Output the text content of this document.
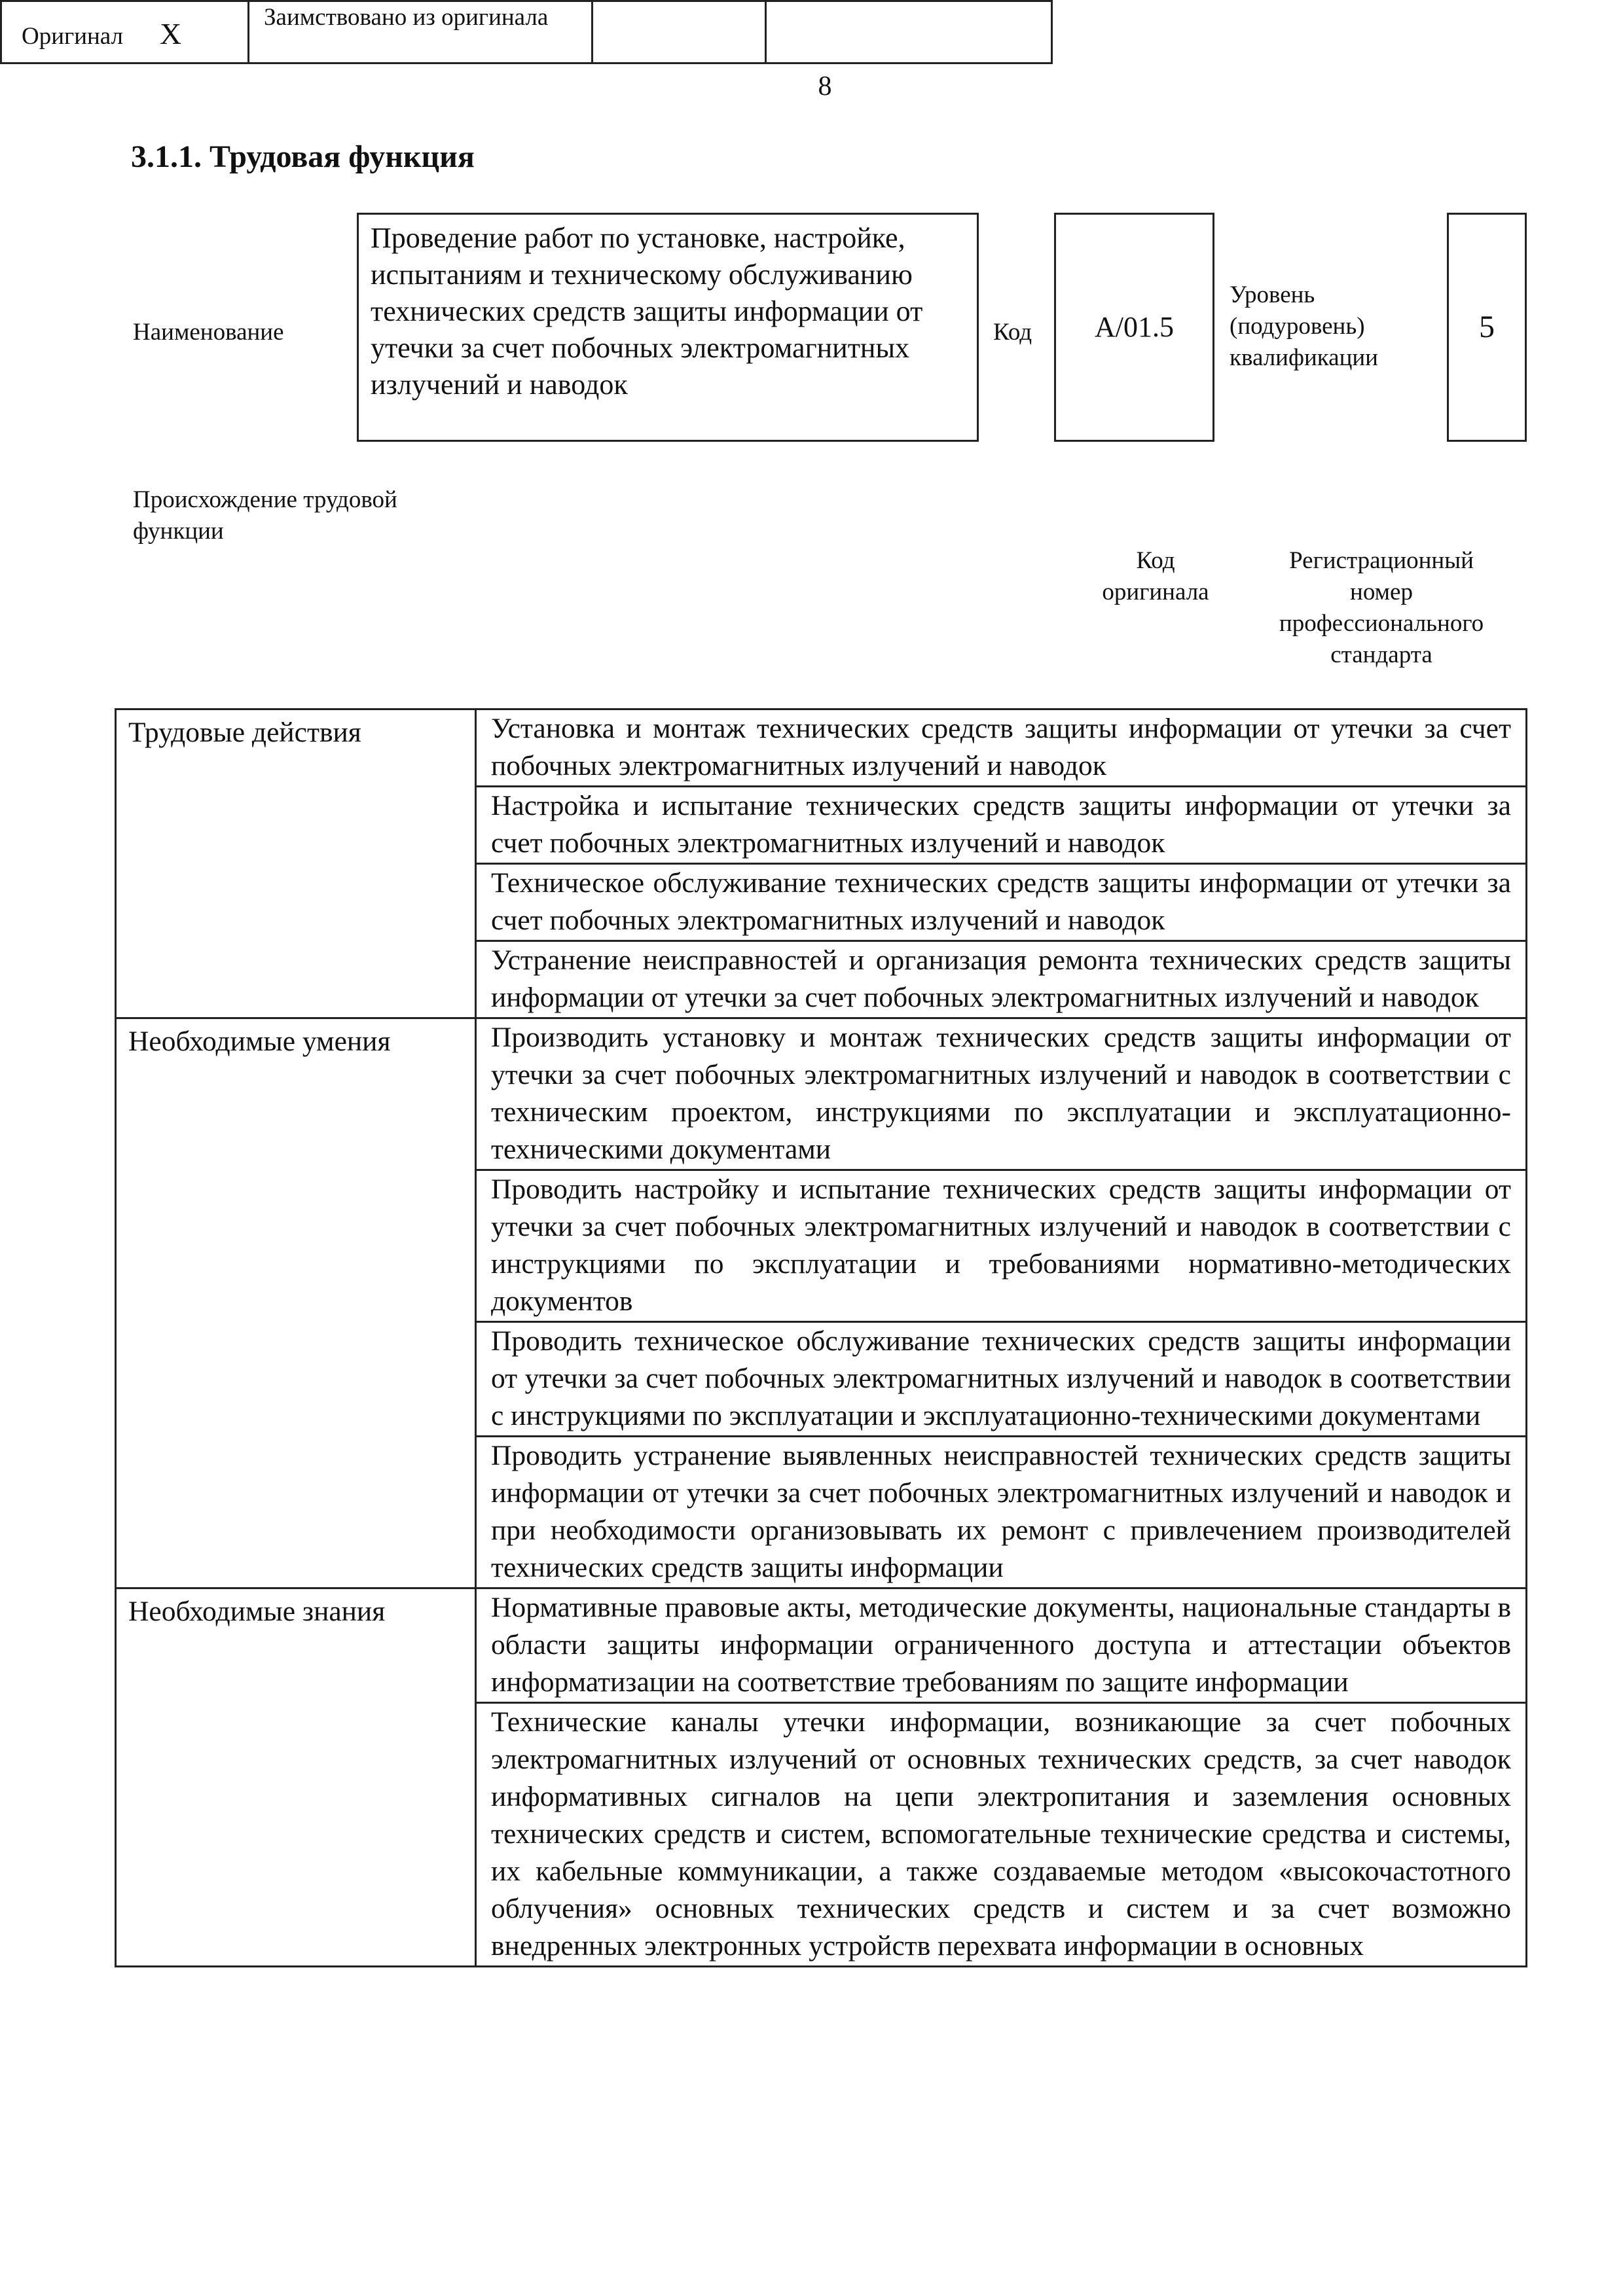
8
3.1.1. Трудовая функция
Наименование
Проведение работ по установке, настройке, испытаниям и техническому обслуживанию технических средств защиты информации от утечки за счет побочных электромагнитных излучений и наводок
Код А/01.5
Уровень (подуровень) квалификации
5
Происхождение трудовой функции
Оригинал X	Заимствовано из оригинала
Код оригинала
Регистрационный номер профессионального стандарта
Трудовые действия	Установка и монтаж технических средств защиты информации от утечки за счет побочных электромагнитных излучений и наводок
	Настройка и испытание технических средств защиты информации от утечки за счет побочных электромагнитных излучений и наводок
	Техническое обслуживание технических средств защиты информации от утечки за счет побочных электромагнитных излучений и наводок
	Устранение неисправностей и организация ремонта технических средств защиты информации от утечки за счет побочных электромагнитных излучений и наводок
Необходимые умения	Производить установку и монтаж технических средств защиты информации от утечки за счет побочных электромагнитных излучений и наводок в соответствии с техническим проектом, инструкциями по эксплуатации и эксплуатационно-техническими документами
	Проводить настройку и испытание технических средств защиты информации от утечки за счет побочных электромагнитных излучений и наводок в соответствии с инструкциями по эксплуатации и требованиями нормативно-методических документов
	Проводить техническое обслуживание технических средств защиты информации от утечки за счет побочных электромагнитных излучений и наводок в соответствии с инструкциями по эксплуатации и эксплуатационно-техническими документами
	Проводить устранение выявленных неисправностей технических средств защиты информации от утечки за счет побочных электромагнитных излучений и наводок и при необходимости организовывать их ремонт с привлечением производителей технических средств защиты информации
Необходимые знания	Нормативные правовые акты, методические документы, национальные стандарты в области защиты информации ограниченного доступа и аттестации объектов информатизации на соответствие требованиям по защите информации
	Технические каналы утечки информации, возникающие за счет побочных электромагнитных излучений от основных технических средств, за счет наводок информативных сигналов на цепи электропитания и заземления основных технических средств и систем, вспомогательные технические средства и системы, их кабельные коммуникации, а также создаваемые методом «высокочастотного облучения» основных технических средств и систем и за счет возможно внедренных электронных устройств перехвата информации в основных
